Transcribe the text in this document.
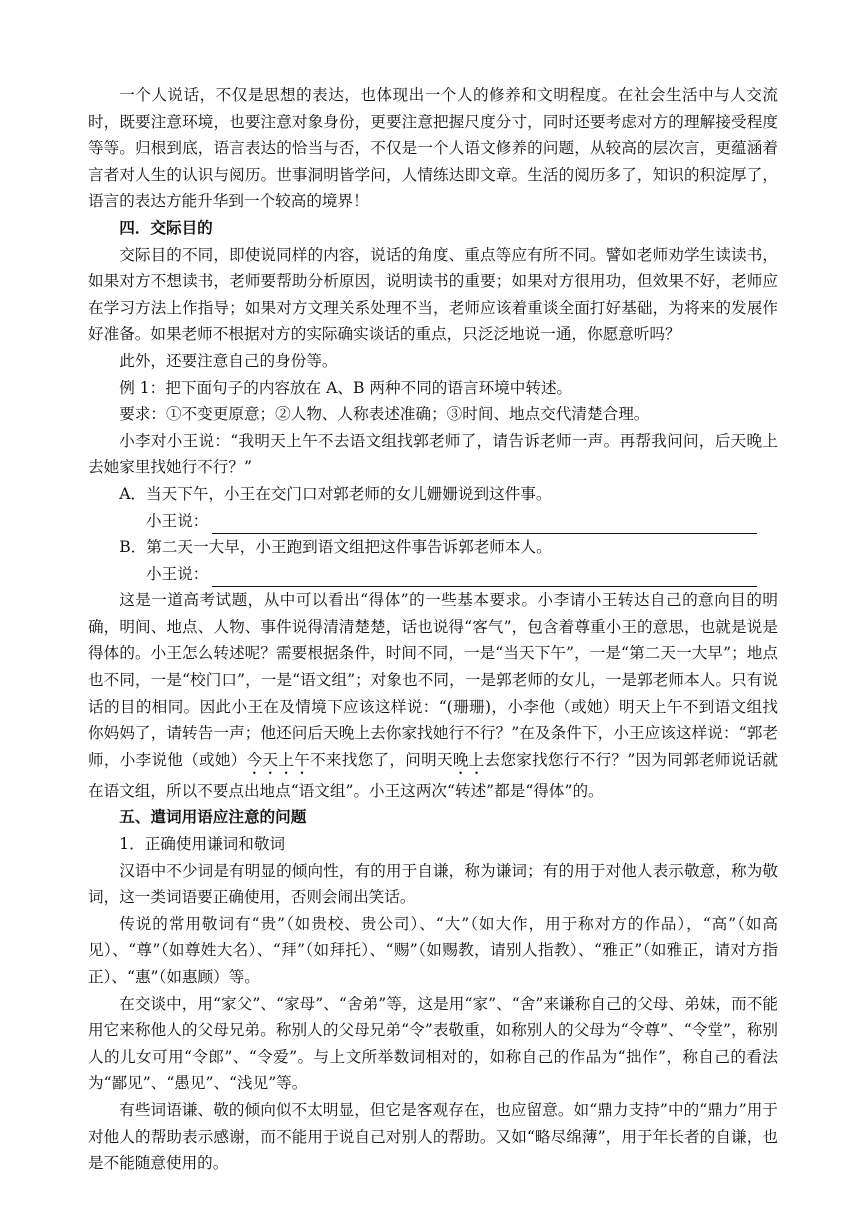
一个人说话，不仅是思想的表达，也体现出一个人的修养和文明程度。在社会生活中与人交流时，既要注意环境，也要注意对象身份，更要注意把握尺度分寸，同时还要考虑对方的理解接受程度等等。归根到底，语言表达的恰当与否，不仅是一个人语文修养的问题，从较高的层次言，更蕴涵着言者对人生的认识与阅历。世事洞明皆学问，人情练达即文章。生活的阅历多了，知识的积淀厚了，语言的表达方能升华到一个较高的境界！

四．交际目的

交际目的不同，即使说同样的内容，说话的角度、重点等应有所不同。譬如老师劝学生读读书，如果对方不想读书，老师要帮助分析原因，说明读书的重要；如果对方很用功，但效果不好，老师应在学习方法上作指导；如果对方文理关系处理不当，老师应该着重谈全面打好基础，为将来的发展作好准备。如果老师不根据对方的实际确实谈话的重点，只泛泛地说一通，你愿意听吗？

此外，还要注意自己的身份等。

例 1：把下面句子的内容放在 A、B 两种不同的语言环境中转述。

要求：①不变更原意；②人物、人称表述准确；③时间、地点交代清楚合理。

小李对小王说：“我明天上午不去语文组找郭老师了，请告诉老师一声。再帮我问问，后天晚上去她家里找她行不行？”

A．当天下午，小王在交门口对郭老师的女儿姗姗说到这件事。

小王说：

B．第二天一大早，小王跑到语文组把这件事告诉郭老师本人。

小王说：

这是一道高考试题，从中可以看出“得体”的一些基本要求。小李请小王转达自己的意向目的明确，明间、地点、人物、事件说得清清楚楚，话也说得“客气”，包含着尊重小王的意思，也就是说是得体的。小王怎么转述呢？需要根据条件，时间不同，一是“当天下午”，一是“第二天一大早”；地点也不同，一是“校门口”，一是“语文组”；对象也不同，一是郭老师的女儿，一是郭老师本人。只有说话的目的相同。因此小王在及情境下应该这样说：“(珊珊)，小李他（或她）明天上午不到语文组找你妈妈了，请转告一声；他还问后天晚上去你家找她行不行？”在及条件下，小王应该这样说：“郭老师，小李说他（或她）今天上午不来找您了，问明天晚上去您家找您行不行？”因为同郭老师说话就在语文组，所以不要点出地点“语文组”。小王这两次“转述”都是“得体”的。

五、遣词用语应注意的问题

1．正确使用谦词和敬词

汉语中不少词是有明显的倾向性，有的用于自谦，称为谦词；有的用于对他人表示敬意，称为敬词，这一类词语要正确使用，否则会闹出笑话。

传说的常用敬词有“贵”（如贵校、贵公司）、“大”（如大作，用于称对方的作品），“高”（如高见）、“尊”（如尊姓大名）、“拜”（如拜托）、“赐”（如赐教，请别人指教）、“雅正”（如雅正，请对方指正）、“惠”（如惠顾）等。

在交谈中，用“家父”、“家母”、“舍弟”等，这是用“家”、“舍”来谦称自己的父母、弟妹，而不能用它来称他人的父母兄弟。称别人的父母兄弟“令”表敬重，如称别人的父母为“令尊”、“令堂”，称别人的儿女可用“令郎”、“令爱”。与上文所举数词相对的，如称自己的作品为“拙作”，称自己的看法为“鄙见”、“愚见”、“浅见”等。

有些词语谦、敬的倾向似不太明显，但它是客观存在，也应留意。如“鼎力支持”中的“鼎力”用于对他人的帮助表示感谢，而不能用于说自己对别人的帮助。又如“略尽绵薄”，用于年长者的自谦，也是不能随意使用的。
